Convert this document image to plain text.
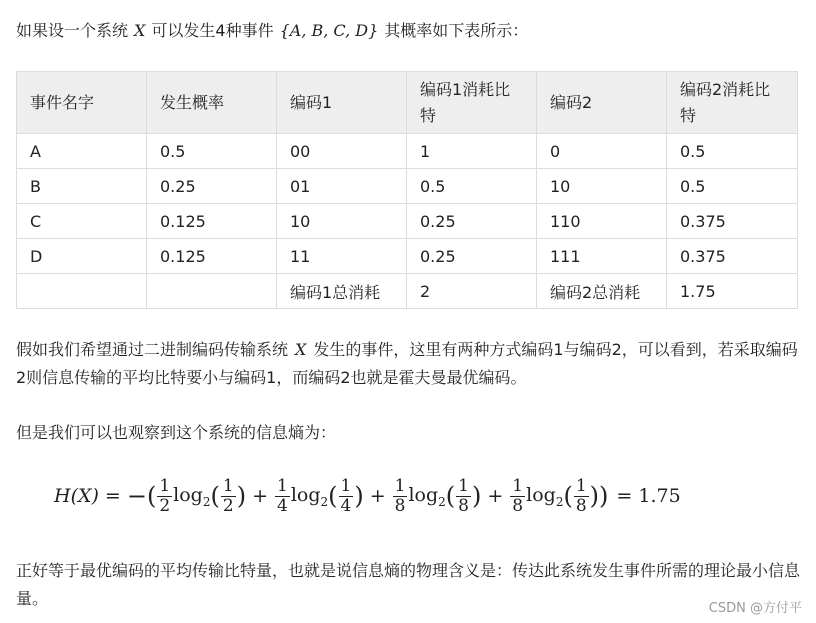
如果设一个系统 X 可以发生4种事件 {A, B, C, D} 其概率如下表所示：

事件名字	发生概率	编码1	编码1消耗比特	编码2	编码2消耗比特
A	0.5	00	1	0	0.5
B	0.25	01	0.5	10	0.5
C	0.125	10	0.25	110	0.375
D	0.125	11	0.25	111	0.375
		编码1总消耗	2	编码2总消耗	1.75

假如我们希望通过二进制编码传输系统 X 发生的事件，这里有两种方式编码1与编码2，可以看到，若采取编码2则信息传输的平均比特要小与编码1，而编码2也就是霍夫曼最优编码。

但是我们可以也观察到这个系统的信息熵为：

H(X) = −( $\frac{1}{2} \log_2$ ( $\frac{1}{2}$ ) + $\frac{1}{4} \log_2$ ( $\frac{1}{4}$ ) + $\frac{1}{8} \log_2$ ( $\frac{1}{8}$ ) + $\frac{1}{8} \log_2$ ( $\frac{1}{8}$ ) ) = 1.75

正好等于最优编码的平均传输比特量，也就是说信息熵的物理含义是：传达此系统发生事件所需的理论最小信息量。

CSDN @方付平
